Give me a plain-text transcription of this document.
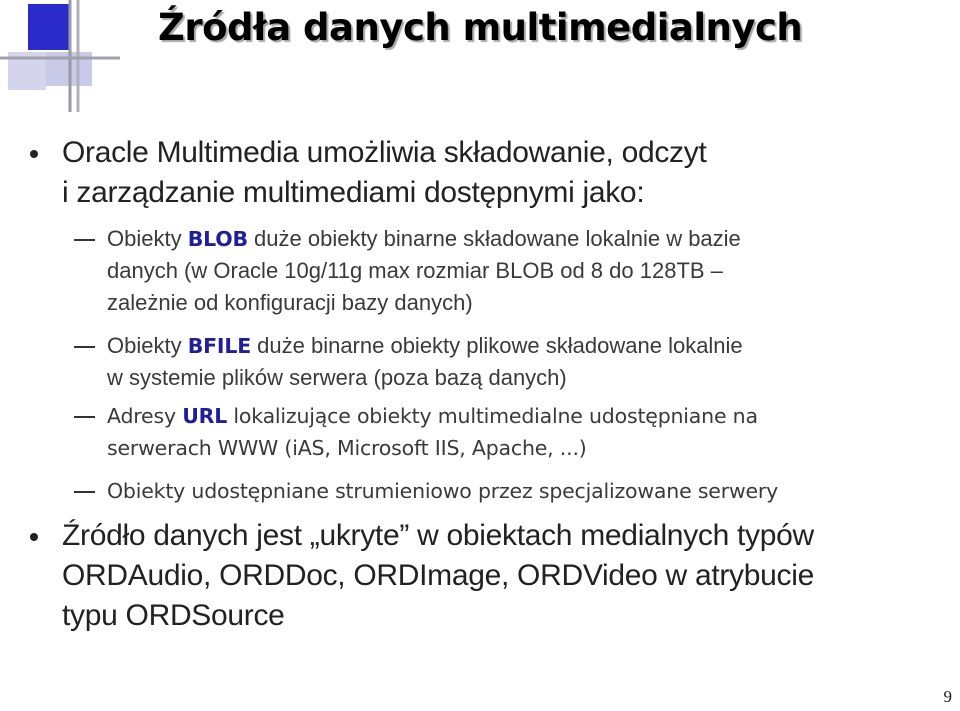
Źródła danych multimedialnych
Oracle Multimedia umożliwia składowanie, odczyt
i zarządzanie multimediami dostępnymi jako:
Obiekty BLOB duże obiekty binarne składowane lokalnie w bazie
danych (w Oracle 10g/11g max rozmiar BLOB od 8 do 128TB –
zależnie od konfiguracji bazy danych)
Obiekty BFILE duże binarne obiekty plikowe składowane lokalnie
w systemie plików serwera (poza bazą danych)
Adresy URL lokalizujące obiekty multimedialne udostępniane na
serwerach WWW (iAS, Microsoft IIS, Apache, ...)
Obiekty udostępniane strumieniowo przez specjalizowane serwery
Źródło danych jest „ukryte” w obiektach medialnych typów
ORDAudio, ORDDoc, ORDImage, ORDVideo w atrybucie
typu ORDSource
9
